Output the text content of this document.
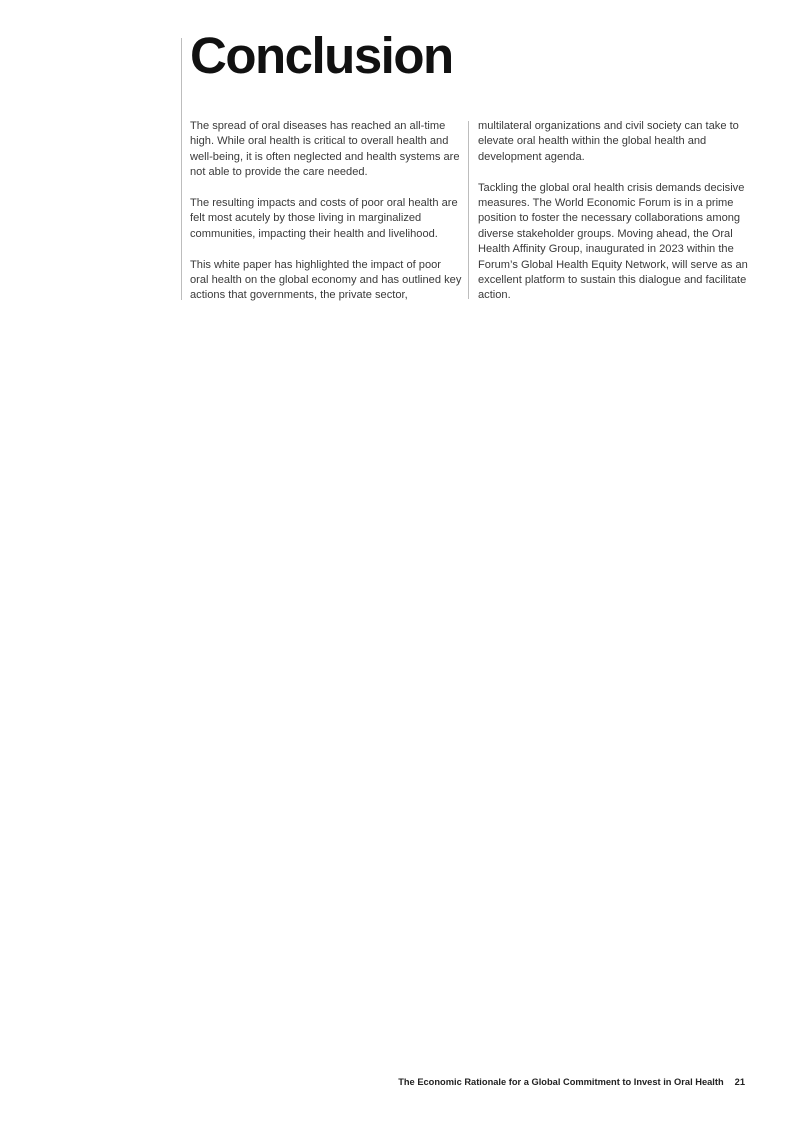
Conclusion

The spread of oral diseases has reached an all-time high. While oral health is critical to overall health and well-being, it is often neglected and health systems are not able to provide the care needed.

The resulting impacts and costs of poor oral health are felt most acutely by those living in marginalized communities, impacting their health and livelihood.

This white paper has highlighted the impact of poor oral health on the global economy and has outlined key actions that governments, the private sector,

multilateral organizations and civil society can take to elevate oral health within the global health and development agenda.

Tackling the global oral health crisis demands decisive measures. The World Economic Forum is in a prime position to foster the necessary collaborations among diverse stakeholder groups. Moving ahead, the Oral Health Affinity Group, inaugurated in 2023 within the Forum’s Global Health Equity Network, will serve as an excellent platform to sustain this dialogue and facilitate action.

The Economic Rationale for a Global Commitment to Invest in Oral Health 21
